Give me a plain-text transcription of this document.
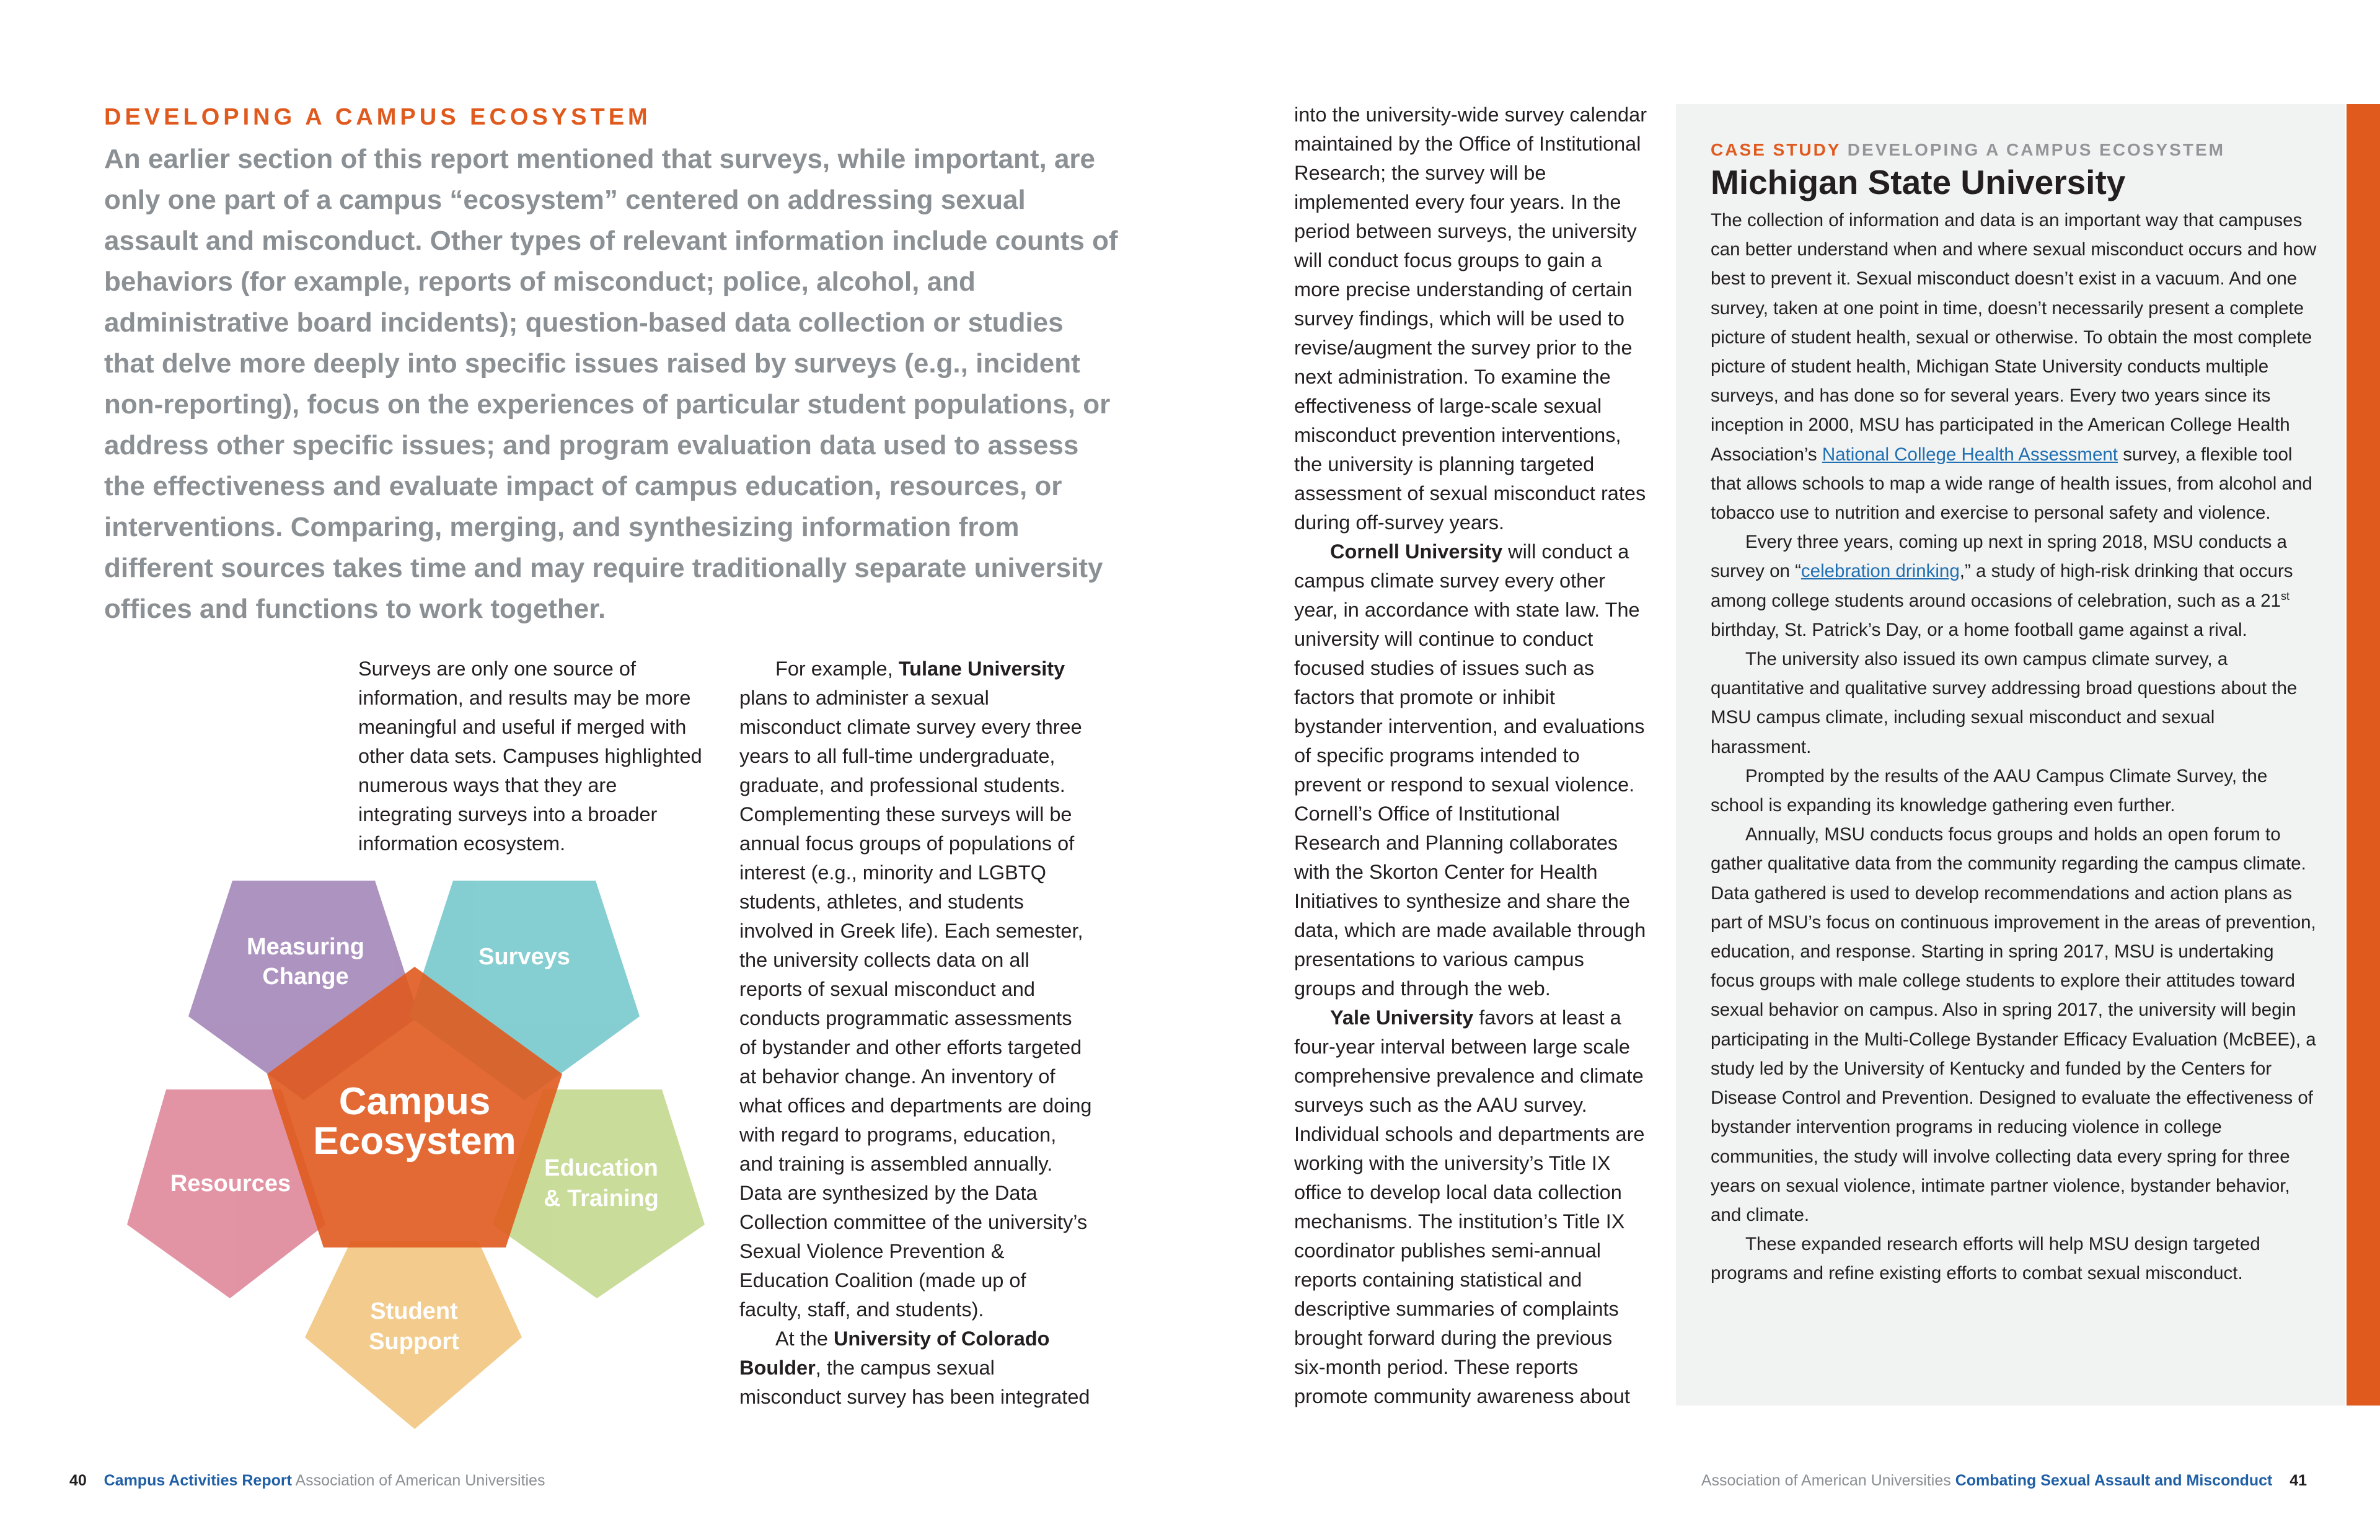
DEVELOPING A CAMPUS ECOSYSTEM
An earlier section of this report mentioned that surveys, while important, are only one part of a campus “ecosystem” centered on addressing sexual assault and misconduct. Other types of relevant information include counts of behaviors (for example, reports of misconduct; police, alcohol, and administrative board incidents); question-based data collection or studies that delve more deeply into specific issues raised by surveys (e.g., incident non-reporting), focus on the experiences of particular student populations, or address other specific issues; and program evaluation data used to assess the effectiveness and evaluate impact of campus education, resources, or interventions. Comparing, merging, and synthesizing information from different sources takes time and may require traditionally separate university offices and functions to work together.

Surveys are only one source of information, and results may be more meaningful and useful if merged with other data sets. Campuses highlighted numerous ways that they are integrating surveys into a broader information ecosystem.

For example, Tulane University plans to administer a sexual misconduct climate survey every three years to all full-time undergraduate, graduate, and professional students. Complementing these surveys will be annual focus groups of populations of interest (e.g., minority and LGBTQ students, athletes, and students involved in Greek life). Each semester, the university collects data on all reports of sexual misconduct and conducts programmatic assessments of bystander and other efforts targeted at behavior change. An inventory of what offices and departments are doing with regard to programs, education, and training is assembled annually. Data are synthesized by the Data Collection committee of the university’s Sexual Violence Prevention & Education Coalition (made up of faculty, staff, and students).

At the University of Colorado Boulder, the campus sexual misconduct survey has been integrated

Campus
Ecosystem
Measuring
Change
Surveys
Resources
Education
& Training
Student
Support

into the university-wide survey calendar maintained by the Office of Institutional Research; the survey will be implemented every four years. In the period between surveys, the university will conduct focus groups to gain a more precise understanding of certain survey findings, which will be used to revise/augment the survey prior to the next administration. To examine the effectiveness of large-scale sexual misconduct prevention interventions, the university is planning targeted assessment of sexual misconduct rates during off-survey years.

Cornell University will conduct a campus climate survey every other year, in accordance with state law. The university will continue to conduct focused studies of issues such as factors that promote or inhibit bystander intervention, and evaluations of specific programs intended to prevent or respond to sexual violence. Cornell’s Office of Institutional Research and Planning collaborates with the Skorton Center for Health Initiatives to synthesize and share the data, which are made available through presentations to various campus groups and through the web.

Yale University favors at least a four-year interval between large scale comprehensive prevalence and climate surveys such as the AAU survey. Individual schools and departments are working with the university’s Title IX office to develop local data collection mechanisms. The institution’s Title IX coordinator publishes semi-annual reports containing statistical and descriptive summaries of complaints brought forward during the previous six-month period. These reports promote community awareness about

CASE STUDY DEVELOPING A CAMPUS ECOSYSTEM
Michigan State University

The collection of information and data is an important way that campuses can better understand when and where sexual misconduct occurs and how best to prevent it. Sexual misconduct doesn’t exist in a vacuum. And one survey, taken at one point in time, doesn’t necessarily present a complete picture of student health, sexual or otherwise. To obtain the most complete picture of student health, Michigan State University conducts multiple surveys, and has done so for several years. Every two years since its inception in 2000, MSU has participated in the American College Health Association’s National College Health Assessment survey, a flexible tool that allows schools to map a wide range of health issues, from alcohol and tobacco use to nutrition and exercise to personal safety and violence.

Every three years, coming up next in spring 2018, MSU conducts a survey on “celebration drinking,” a study of high-risk drinking that occurs among college students around occasions of celebration, such as a 21st birthday, St. Patrick’s Day, or a home football game against a rival.

The university also issued its own campus climate survey, a quantitative and qualitative survey addressing broad questions about the MSU campus climate, including sexual misconduct and sexual harassment.

Prompted by the results of the AAU Campus Climate Survey, the school is expanding its knowledge gathering even further.

Annually, MSU conducts focus groups and holds an open forum to gather qualitative data from the community regarding the campus climate. Data gathered is used to develop recommendations and action plans as part of MSU’s focus on continuous improvement in the areas of prevention, education, and response. Starting in spring 2017, MSU is undertaking focus groups with male college students to explore their attitudes toward sexual behavior on campus. Also in spring 2017, the university will begin participating in the Multi-College Bystander Efficacy Evaluation (McBEE), a study led by the University of Kentucky and funded by the Centers for Disease Control and Prevention. Designed to evaluate the effectiveness of bystander intervention programs in reducing violence in college communities, the study will involve collecting data every spring for three years on sexual violence, intimate partner violence, bystander behavior, and climate.

These expanded research efforts will help MSU design targeted programs and refine existing efforts to combat sexual misconduct.

40 Campus Activities Report Association of American Universities	Association of American Universities Combating Sexual Assault and Misconduct 41
